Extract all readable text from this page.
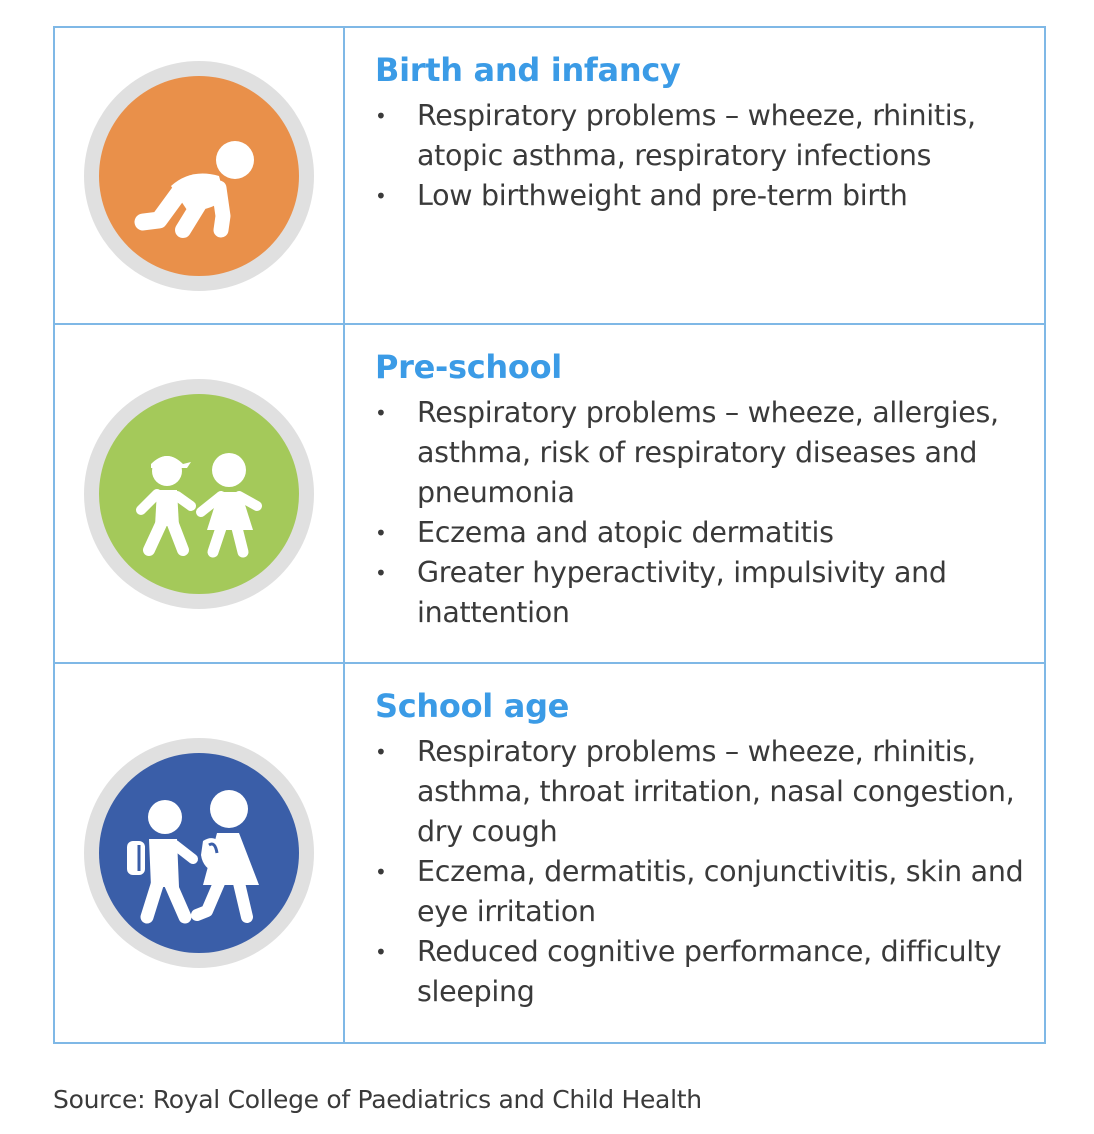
Birth and infancy
• Respiratory problems – wheeze, rhinitis, atopic asthma, respiratory infections
• Low birthweight and pre-term birth
Pre-school
• Respiratory problems – wheeze, allergies, asthma, risk of respiratory diseases and pneumonia
• Eczema and atopic dermatitis
• Greater hyperactivity, impulsivity and inattention
School age
• Respiratory problems – wheeze, rhinitis, asthma, throat irritation, nasal congestion, dry cough
• Eczema, dermatitis, conjunctivitis, skin and eye irritation
• Reduced cognitive performance, difficulty sleeping
Source: Royal College of Paediatrics and Child Health
